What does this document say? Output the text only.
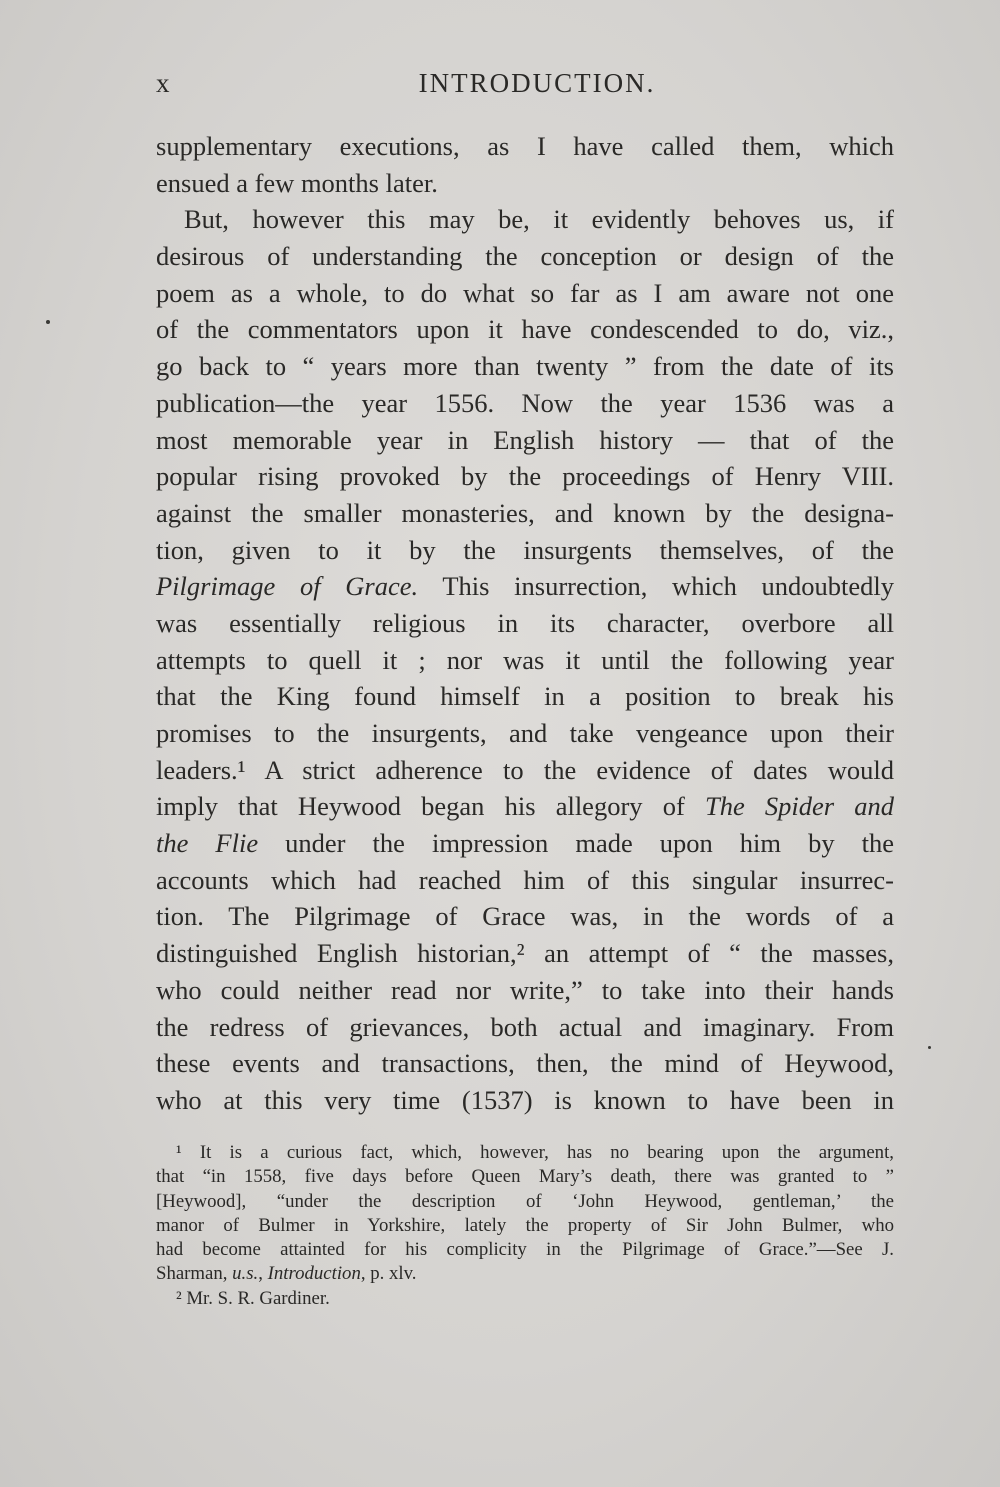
x	INTRODUCTION.
supplementary executions, as I have called them, which
ensued a few months later.
But, however this may be, it evidently behoves us, if
desirous of understanding the conception or design of the
poem as a whole, to do what so far as I am aware not one
of the commentators upon it have condescended to do, viz.,
go back to “ years more than twenty ” from the date of its
publication—the year 1556. Now the year 1536 was a
most memorable year in English history — that of the
popular rising provoked by the proceedings of Henry VIII.
against the smaller monasteries, and known by the designa-
tion, given to it by the insurgents themselves, of the
Pilgrimage of Grace. This insurrection, which undoubtedly
was essentially religious in its character, overbore all
attempts to quell it ; nor was it until the following year
that the King found himself in a position to break his
promises to the insurgents, and take vengeance upon their
leaders.¹ A strict adherence to the evidence of dates would
imply that Heywood began his allegory of The Spider and
the Flie under the impression made upon him by the
accounts which had reached him of this singular insurrec-
tion. The Pilgrimage of Grace was, in the words of a
distinguished English historian,² an attempt of “ the masses,
who could neither read nor write,” to take into their hands
the redress of grievances, both actual and imaginary. From
these events and transactions, then, the mind of Heywood,
who at this very time (1537) is known to have been in
¹ It is a curious fact, which, however, has no bearing upon the argument,
that “in 1558, five days before Queen Mary’s death, there was granted to ”
[Heywood], “under the description of ‘John Heywood, gentleman,’ the
manor of Bulmer in Yorkshire, lately the property of Sir John Bulmer, who
had become attainted for his complicity in the Pilgrimage of Grace.”—See J.
Sharman, u.s., Introduction, p. xlv.
² Mr. S. R. Gardiner.
